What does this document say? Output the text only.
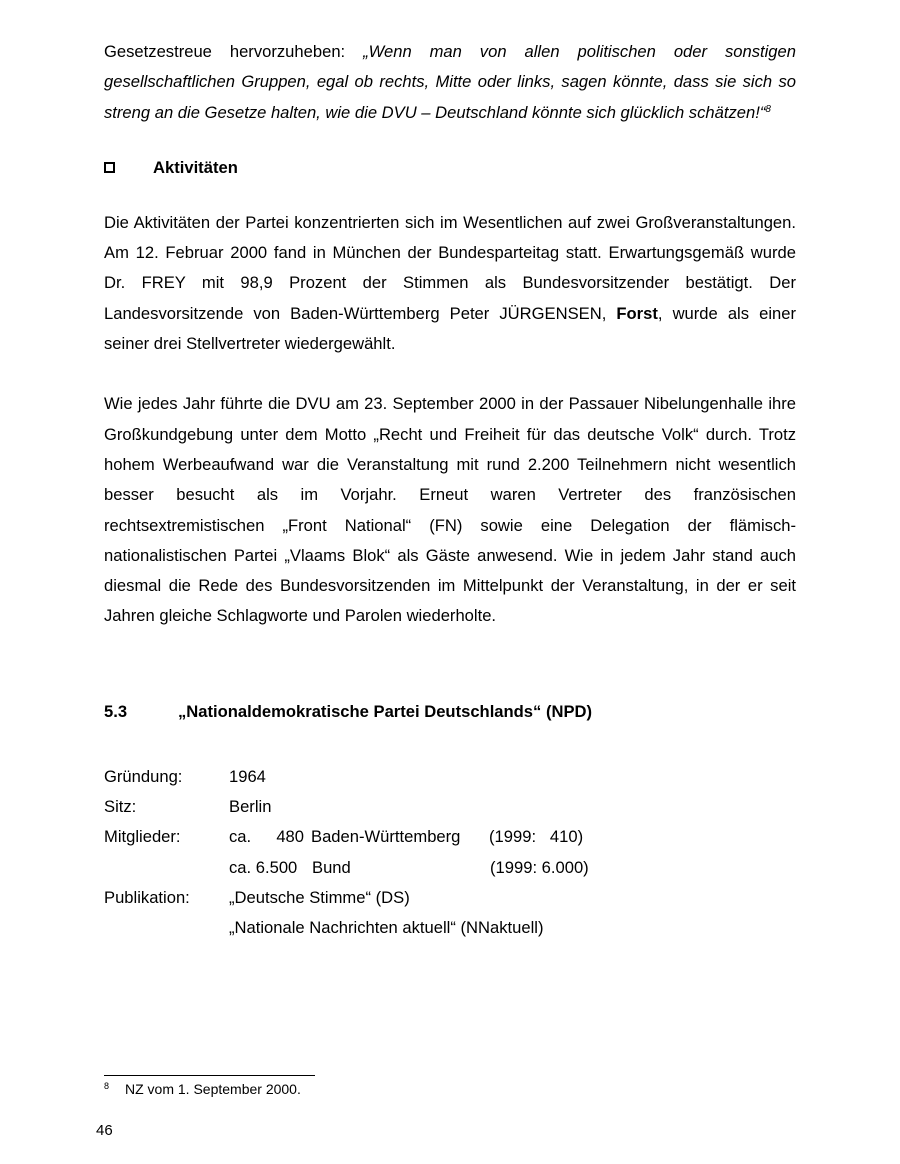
Gesetzestreue hervorzuheben: „Wenn man von allen politischen oder sonstigen gesellschaftlichen Gruppen, egal ob rechts, Mitte oder links, sagen könnte, dass sie sich so streng an die Gesetze halten, wie die DVU – Deutschland könnte sich glücklich schätzen!“$^8$

Aktivitäten

Die Aktivitäten der Partei konzentrierten sich im Wesentlichen auf zwei Großveranstaltungen. Am 12. Februar 2000 fand in München der Bundesparteitag statt. Erwartungsgemäß wurde Dr. FREY mit 98,9 Prozent der Stimmen als Bundesvorsitzender bestätigt. Der Landesvorsitzende von Baden-Württemberg Peter JÜRGENSEN, Forst, wurde als einer seiner drei Stellvertreter wiedergewählt.

Wie jedes Jahr führte die DVU am 23. September 2000 in der Passauer Nibelungenhalle ihre Großkundgebung unter dem Motto „Recht und Freiheit für das deutsche Volk“ durch. Trotz hohem Werbeaufwand war die Veranstaltung mit rund 2.200 Teilnehmern nicht wesentlich besser besucht als im Vorjahr. Erneut waren Vertreter des französischen rechtsextremistischen „Front National“ (FN) sowie eine Delegation der flämisch-nationalistischen Partei „Vlaams Blok“ als Gäste anwesend. Wie in jedem Jahr stand auch diesmal die Rede des Bundesvorsitzenden im Mittelpunkt der Veranstaltung, in der er seit Jahren gleiche Schlagworte und Parolen wiederholte.

5.3	„Nationaldemokratische Partei Deutschlands“ (NPD)
Gründung:	1964
Sitz:	Berlin
Mitglieder:	ca. 480 Baden-Württemberg (1999:   410)

	ca. 6.500 Bund (1999: 6.000)

Publikation:	„Deutsche Stimme“ (DS)
	„Nationale Nachrichten aktuell“ (NNaktuell)
$^8$ NZ vom 1. September 2000.
46
